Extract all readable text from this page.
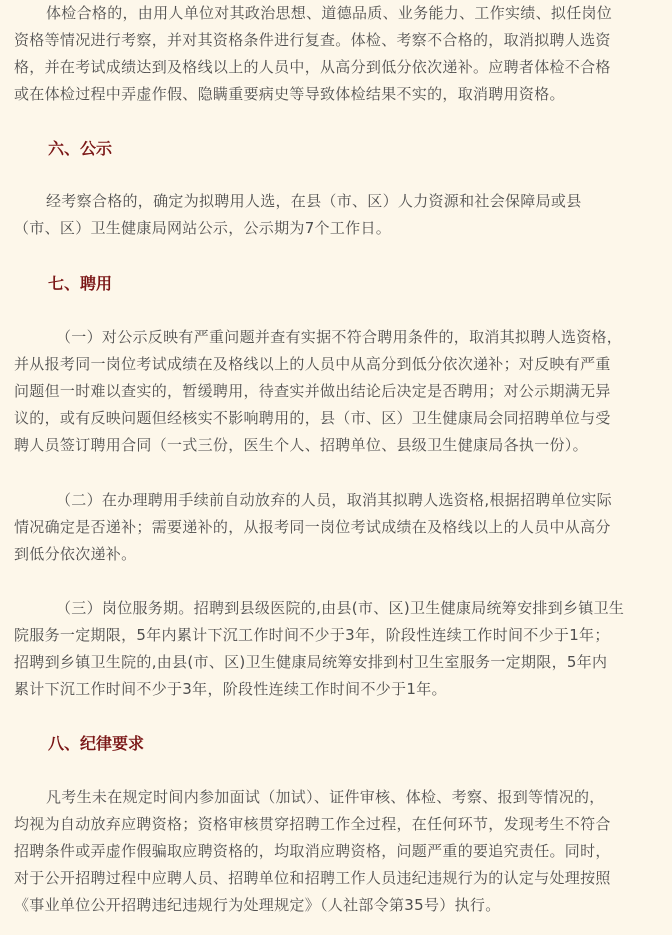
体检合格的，由用人单位对其政治思想、道德品质、业务能力、工作实绩、拟任岗位
资格等情况进行考察，并对其资格条件进行复查。体检、考察不合格的，取消拟聘人选资
格，并在考试成绩达到及格线以上的人员中，从高分到低分依次递补。应聘者体检不合格
或在体检过程中弄虚作假、隐瞒重要病史等导致体检结果不实的，取消聘用资格。
六、公示
经考察合格的，确定为拟聘用人选，在县（市、区）人力资源和社会保障局或县
（市、区）卫生健康局网站公示，公示期为7个工作日。
七、聘用
（一）对公示反映有严重问题并查有实据不符合聘用条件的，取消其拟聘人选资格，
并从报考同一岗位考试成绩在及格线以上的人员中从高分到低分依次递补；对反映有严重
问题但一时难以查实的，暂缓聘用，待查实并做出结论后决定是否聘用；对公示期满无异
议的，或有反映问题但经核实不影响聘用的，县（市、区）卫生健康局会同招聘单位与受
聘人员签订聘用合同（一式三份，医生个人、招聘单位、县级卫生健康局各执一份）。
（二）在办理聘用手续前自动放弃的人员，取消其拟聘人选资格,根据招聘单位实际
情况确定是否递补；需要递补的，从报考同一岗位考试成绩在及格线以上的人员中从高分
到低分依次递补。
（三）岗位服务期。招聘到县级医院的,由县(市、区)卫生健康局统筹安排到乡镇卫生
院服务一定期限，5年内累计下沉工作时间不少于3年，阶段性连续工作时间不少于1年；
招聘到乡镇卫生院的,由县(市、区)卫生健康局统筹安排到村卫生室服务一定期限，5年内
累计下沉工作时间不少于3年，阶段性连续工作时间不少于1年。
八、纪律要求
凡考生未在规定时间内参加面试（加试）、证件审核、体检、考察、报到等情况的，
均视为自动放弃应聘资格；资格审核贯穿招聘工作全过程，在任何环节，发现考生不符合
招聘条件或弄虚作假骗取应聘资格的，均取消应聘资格，问题严重的要追究责任。同时，
对于公开招聘过程中应聘人员、招聘单位和招聘工作人员违纪违规行为的认定与处理按照
《事业单位公开招聘违纪违规行为处理规定》（人社部令第35号）执行。
